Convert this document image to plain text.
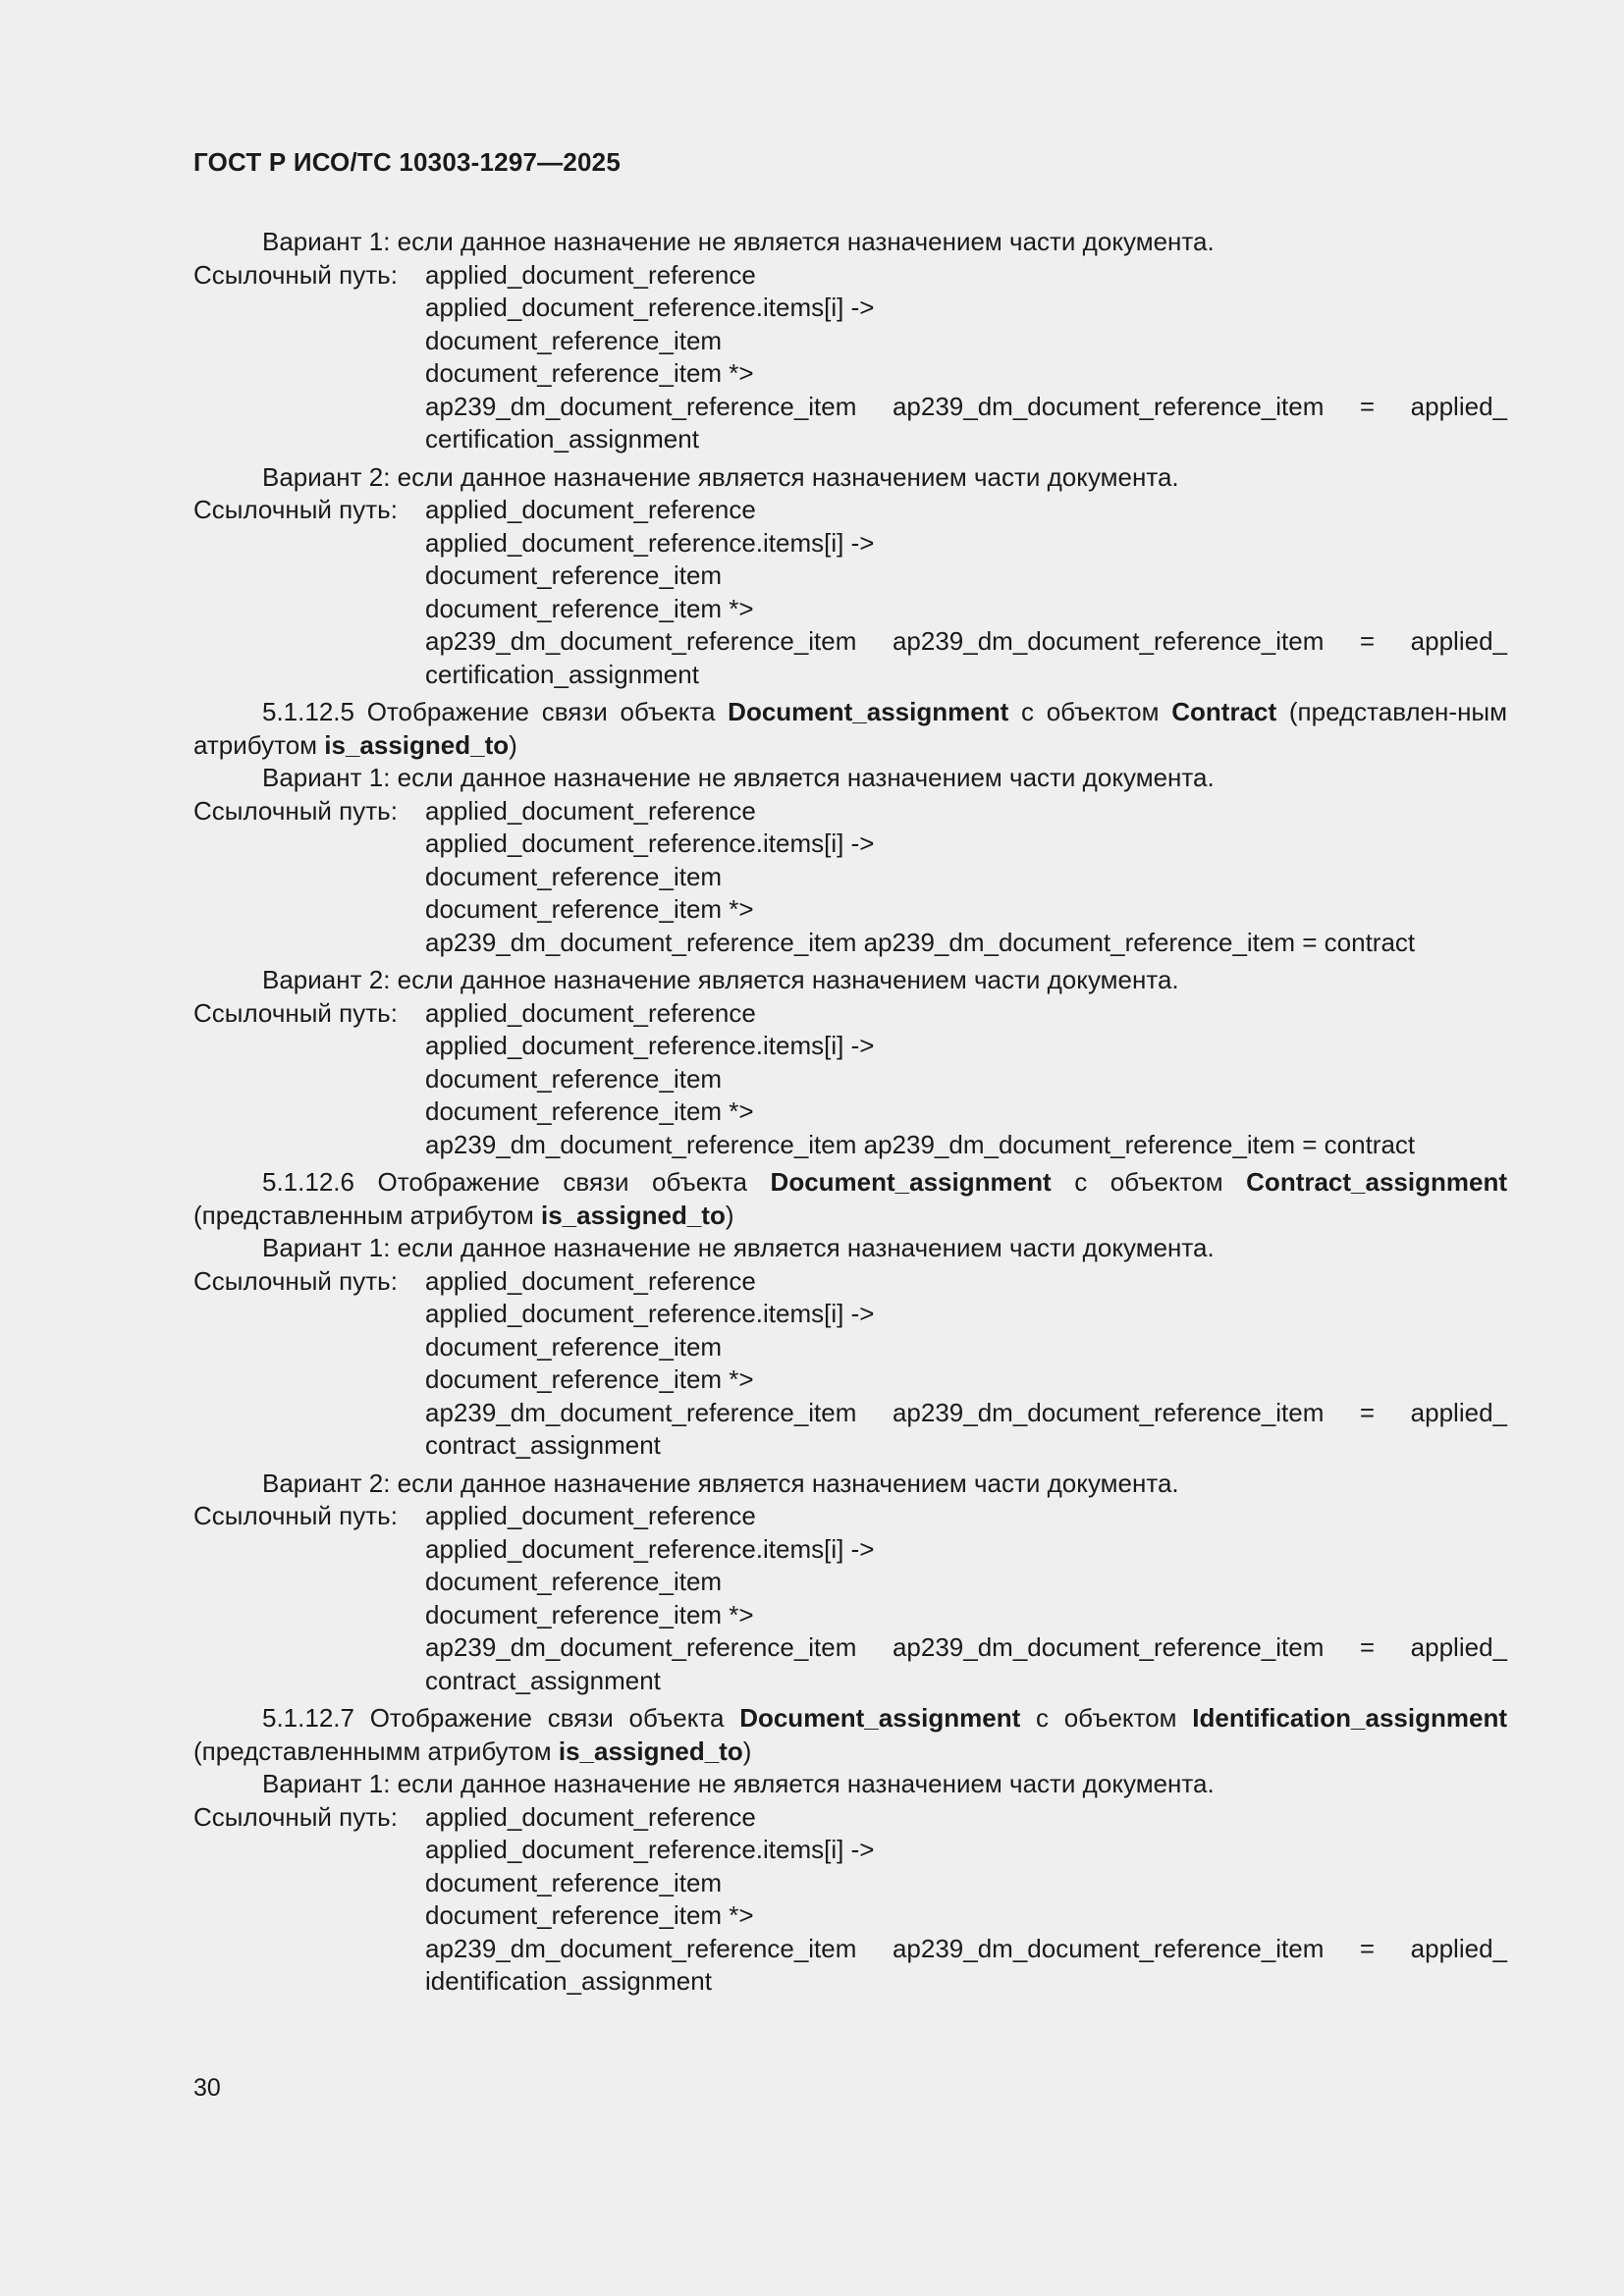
ГОСТ Р ИСО/ТС 10303-1297—2025
Вариант 1: если данное назначение не является назначением части документа.
Ссылочный путь:	applied_document_reference
applied_document_reference.items[i] ->
document_reference_item
document_reference_item *>
ap239_dm_document_reference_item ap239_dm_document_reference_item = applied_
certification_assignment
Вариант 2: если данное назначение является назначением части документа.
Ссылочный путь:	applied_document_reference
applied_document_reference.items[i] ->
document_reference_item
document_reference_item *>
ap239_dm_document_reference_item ap239_dm_document_reference_item = applied_
certification_assignment
5.1.12.5 Отображение связи объекта Document_assignment с объектом Contract (представлен-ным атрибутом is_assigned_to)
Вариант 1: если данное назначение не является назначением части документа.
Ссылочный путь:	applied_document_reference
applied_document_reference.items[i] ->
document_reference_item
document_reference_item *>
ap239_dm_document_reference_item ap239_dm_document_reference_item = contract
Вариант 2: если данное назначение является назначением части документа.
Ссылочный путь:	applied_document_reference
applied_document_reference.items[i] ->
document_reference_item
document_reference_item *>
ap239_dm_document_reference_item ap239_dm_document_reference_item = contract
5.1.12.6 Отображение связи объекта Document_assignment с объектом Contract_assignment (представленным атрибутом is_assigned_to)
Вариант 1: если данное назначение не является назначением части документа.
Ссылочный путь:	applied_document_reference
applied_document_reference.items[i] ->
document_reference_item
document_reference_item *>
ap239_dm_document_reference_item ap239_dm_document_reference_item = applied_
contract_assignment
Вариант 2: если данное назначение является назначением части документа.
Ссылочный путь:	applied_document_reference
applied_document_reference.items[i] ->
document_reference_item
document_reference_item *>
ap239_dm_document_reference_item ap239_dm_document_reference_item = applied_
contract_assignment
5.1.12.7 Отображение связи объекта Document_assignment с объектом Identification_assignment (представленнымм атрибутом is_assigned_to)
Вариант 1: если данное назначение не является назначением части документа.
Ссылочный путь:	applied_document_reference
applied_document_reference.items[i] ->
document_reference_item
document_reference_item *>
ap239_dm_document_reference_item ap239_dm_document_reference_item = applied_
identification_assignment
30
